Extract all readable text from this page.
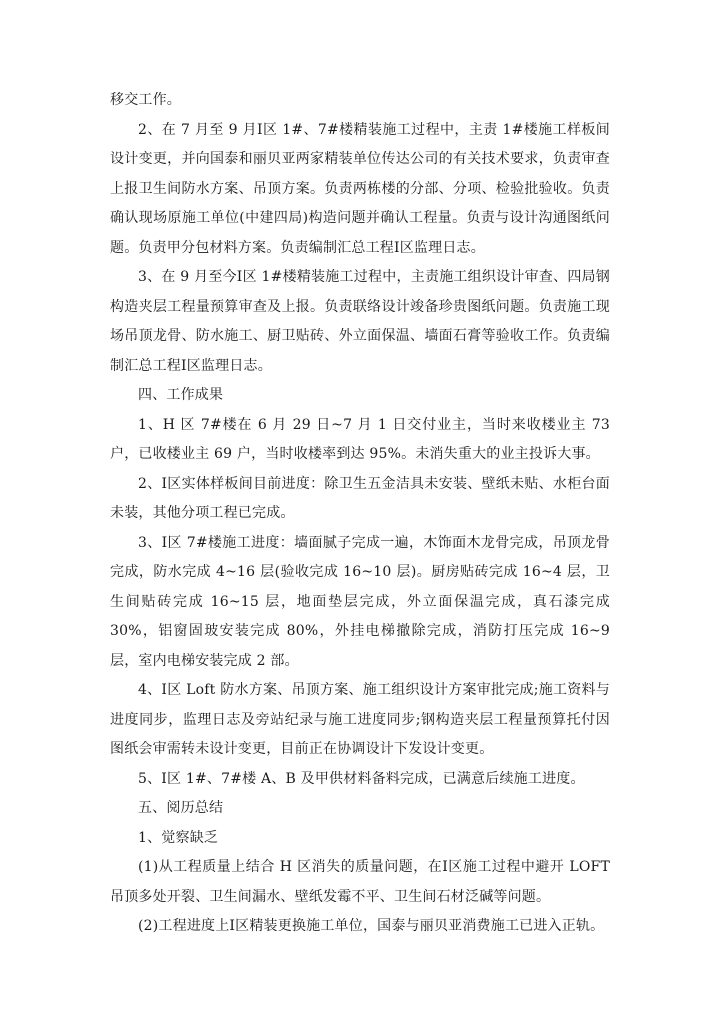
移交工作。

2、在 7 月至 9 月Ⅰ区 1#、7#楼精装施工过程中，主责 1#楼施工样板间设计变更，并向国泰和丽贝亚两家精装单位传达公司的有关技术要求，负责审查上报卫生间防水方案、吊顶方案。负责两栋楼的分部、分项、检验批验收。负责确认现场原施工单位(中建四局)构造问题并确认工程量。负责与设计沟通图纸问题。负责甲分包材料方案。负责编制汇总工程Ⅰ区监理日志。

3、在 9 月至今Ⅰ区 1#楼精装施工过程中，主责施工组织设计审查、四局钢构造夹层工程量预算审查及上报。负责联络设计竣备珍贵图纸问题。负责施工现场吊顶龙骨、防水施工、厨卫贴砖、外立面保温、墙面石膏等验收工作。负责编制汇总工程Ⅰ区监理日志。

四、工作成果

1、H 区 7#楼在 6 月 29 日~7 月 1 日交付业主，当时来收楼业主 73 户，已收楼业主 69 户，当时收楼率到达 95%。未消失重大的业主投诉大事。

2、Ⅰ区实体样板间目前进度：除卫生五金洁具未安装、壁纸未贴、水柜台面未装，其他分项工程已完成。

3、Ⅰ区 7#楼施工进度：墙面腻子完成一遍，木饰面木龙骨完成，吊顶龙骨完成，防水完成 4~16 层(验收完成 16~10 层)。厨房贴砖完成 16~4 层，卫生间贴砖完成 16~15 层，地面垫层完成，外立面保温完成，真石漆完成 30%，铝窗固玻安装完成 80%，外挂电梯撤除完成，消防打压完成 16~9 层，室内电梯安装完成 2 部。

4、Ⅰ区 Loft 防水方案、吊顶方案、施工组织设计方案审批完成;施工资料与进度同步，监理日志及旁站纪录与施工进度同步;钢构造夹层工程量预算托付因图纸会审需转未设计变更，目前正在协调设计下发设计变更。

5、Ⅰ区 1#、7#楼 A、B 及甲供材料备料完成，已满意后续施工进度。

五、阅历总结

1、觉察缺乏

(1)从工程质量上结合 H 区消失的质量问题，在Ⅰ区施工过程中避开 LOFT 吊顶多处开裂、卫生间漏水、壁纸发霉不平、卫生间石材泛碱等问题。

(2)工程进度上Ⅰ区精装更换施工单位，国泰与丽贝亚消费施工已进入正轨。
